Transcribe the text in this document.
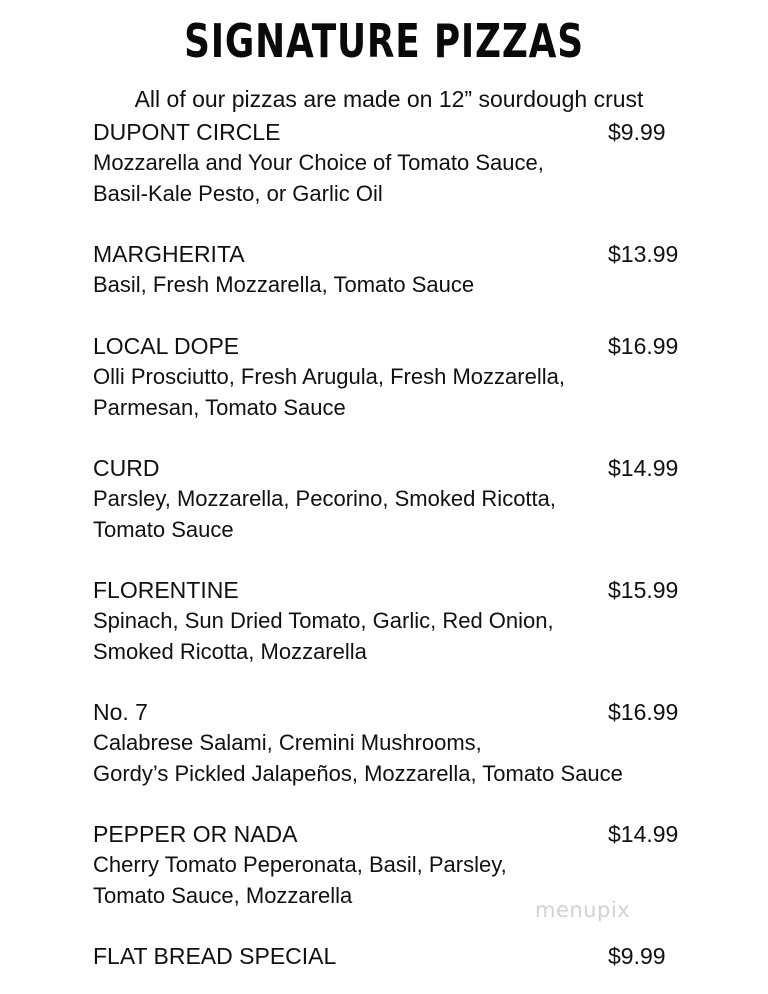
SIGNATURE PIZZAS
All of our pizzas are made on 12” sourdough crust
DUPONT CIRCLE	$9.99
Mozzarella and Your Choice of Tomato Sauce,
Basil-Kale Pesto, or Garlic Oil
MARGHERITA	$13.99
Basil, Fresh Mozzarella, Tomato Sauce
LOCAL DOPE	$16.99
Olli Prosciutto, Fresh Arugula, Fresh Mozzarella,
Parmesan, Tomato Sauce
CURD	$14.99
Parsley, Mozzarella, Pecorino, Smoked Ricotta,
Tomato Sauce
FLORENTINE	$15.99
Spinach, Sun Dried Tomato, Garlic, Red Onion,
Smoked Ricotta, Mozzarella
No. 7	$16.99
Calabrese Salami, Cremini Mushrooms,
Gordy’s Pickled Jalapeños, Mozzarella, Tomato Sauce
PEPPER OR NADA	$14.99
Cherry Tomato Peperonata, Basil, Parsley,
Tomato Sauce, Mozzarella
FLAT BREAD SPECIAL	$9.99
menupix
